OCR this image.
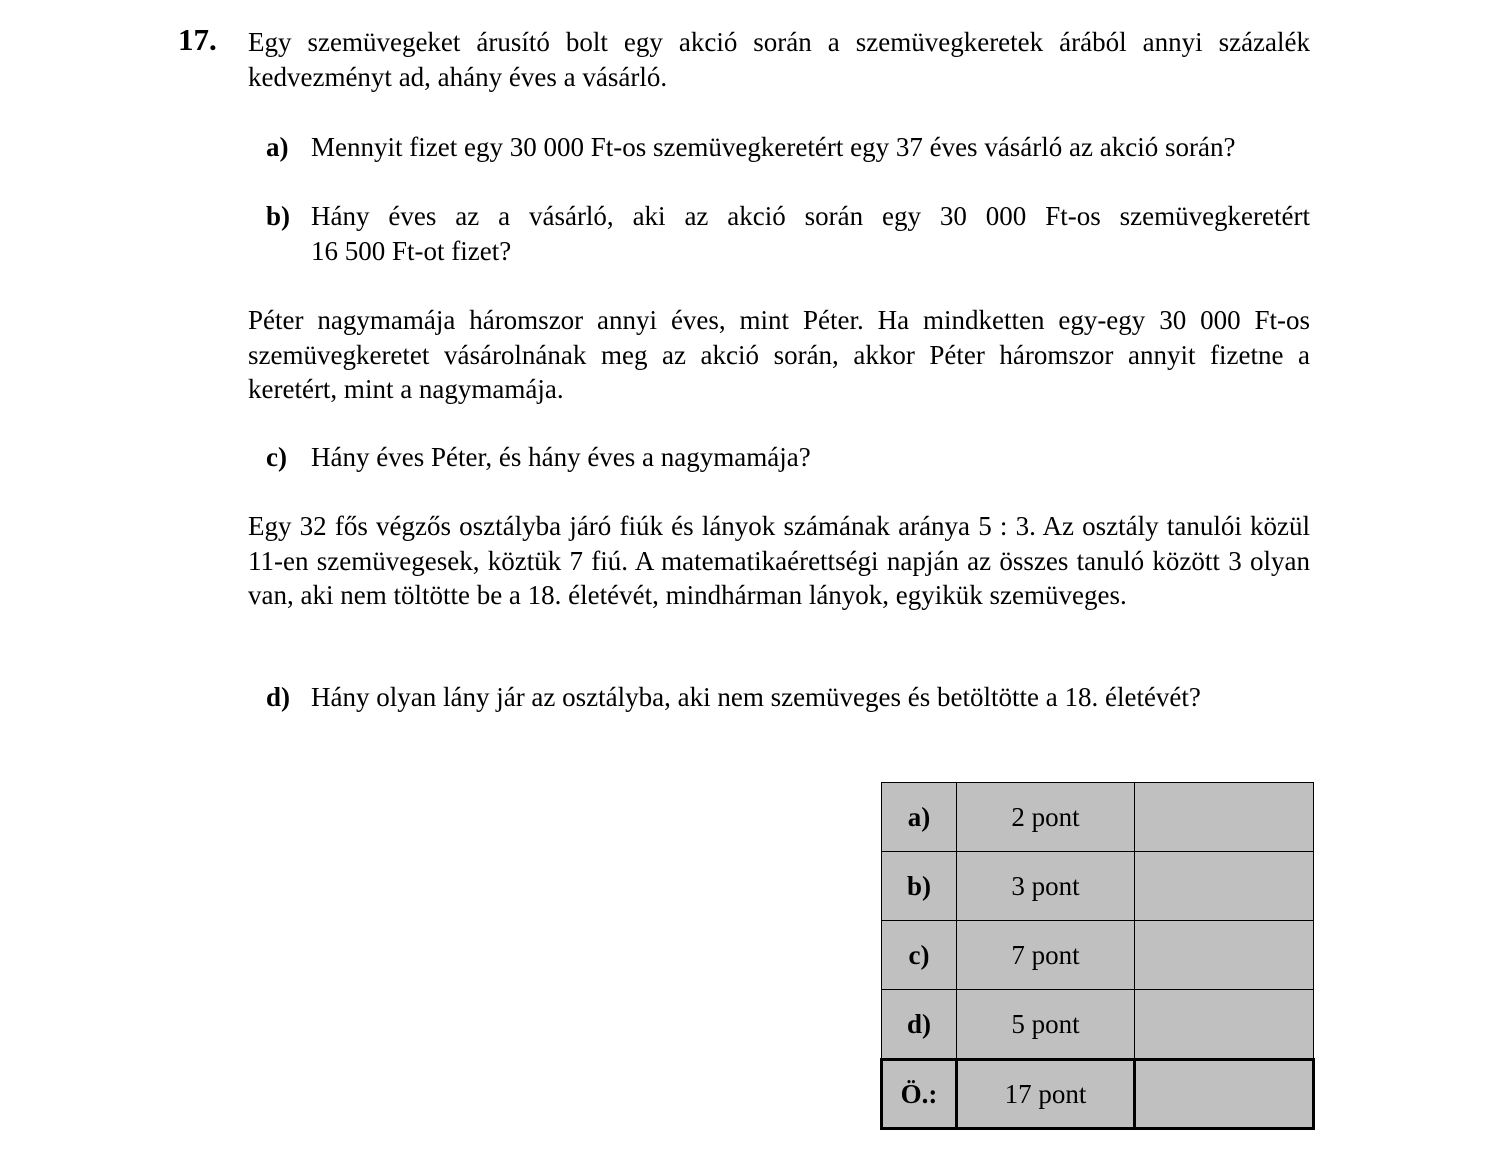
17. Egy szemüvegeket árusító bolt egy akció során a szemüvegkeretek árából annyi százalék kedvezményt ad, ahány éves a vásárló.

a) Mennyit fizet egy 30 000 Ft-os szemüvegkeretért egy 37 éves vásárló az akció során?
b) Hány éves az a vásárló, aki az akció során egy 30 000 Ft-os szemüvegkeretért
16 500 Ft-ot fizet?

Péter nagymamája háromszor annyi éves, mint Péter. Ha mindketten egy-egy 30 000 Ft-os szemüvegkeretet vásárolnának meg az akció során, akkor Péter háromszor annyit fizetne a keretért, mint a nagymamája.

c) Hány éves Péter, és hány éves a nagymamája?

Egy 32 fős végzős osztályba járó fiúk és lányok számának aránya 5 : 3. Az osztály tanulói közül 11-en szemüvegesek, köztük 7 fiú. A matematikaérettségi napján az összes tanuló között 3 olyan van, aki nem töltötte be a 18. életévét, mindhárman lányok, egyikük szemüveges.

d) Hány olyan lány jár az osztályba, aki nem szemüveges és betöltötte a 18. életévét?
a)	2 pont	
b)	3 pont	
c)	7 pont	
d)	5 pont	
Ö.:	17 pont	
